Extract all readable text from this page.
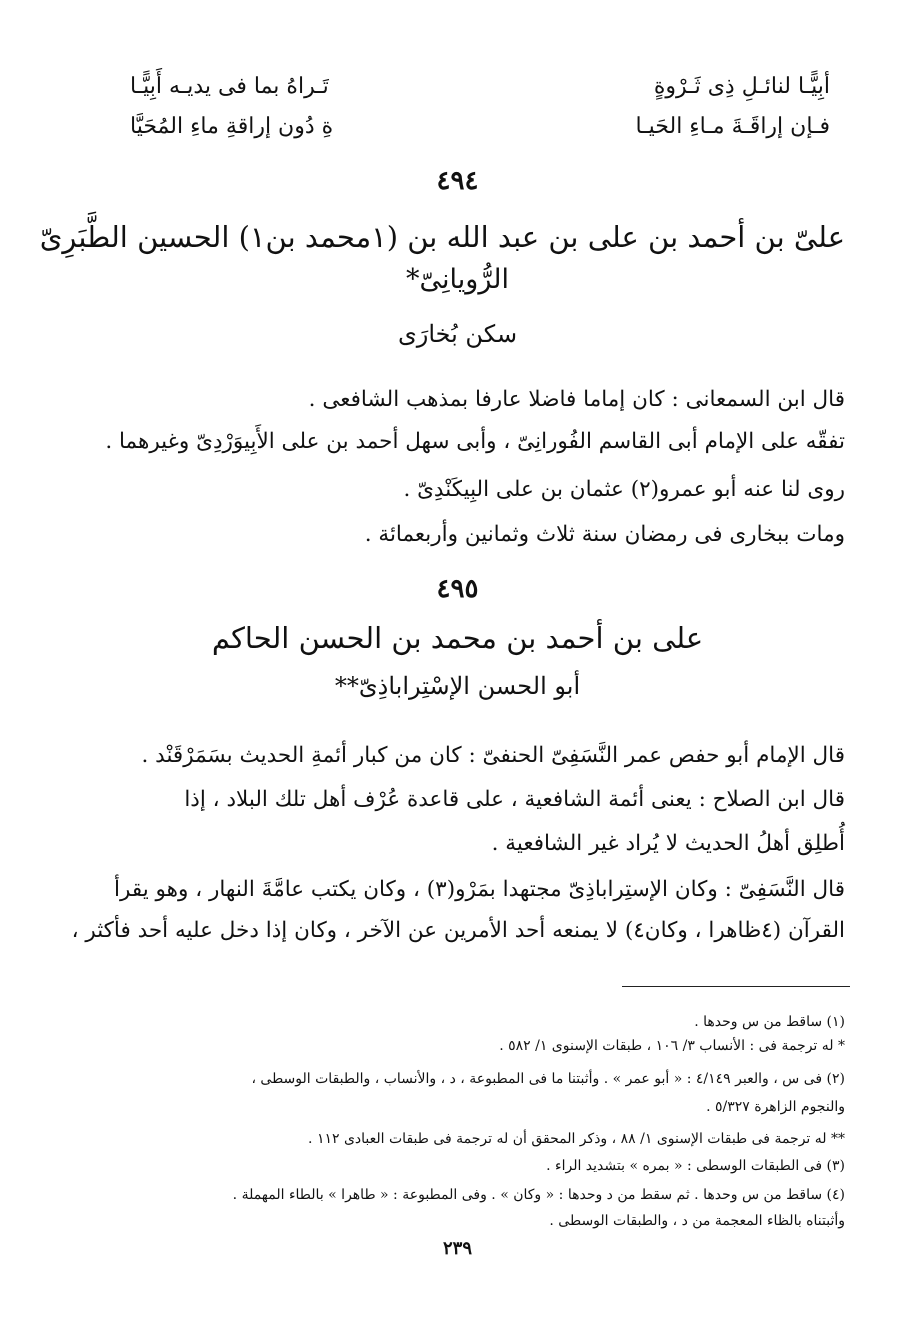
أبِيًّـا لنائـلِ ذِى ثَـرْوةٍ
تَـراهُ بما فى يديـه أَبِيًّـا
فـإن إراقَـةَ مـاءِ الحَيـا
ةِ دُون إراقةِ ماءِ المُحَيَّا
٤٩٤
علىّ بن أحمد بن على بن عبد الله بن (١محمد بن١) الحسين الطَّبَرِىّ
الرُّويانِىّ*
سكن بُخارَى
قال ابن السمعانى : كان إماما فاضلا عارفا بمذهب الشافعى .
تفقّه على الإمام أبى القاسم الفُورانِىّ ، وأبى سهل أحمد بن على الأَبِيوَرْدِىّ وغيرهما .
روى لنا عنه أبو عمرو(٢) عثمان بن على البِيكَنْدِىّ .
ومات ببخارى فى رمضان سنة ثلاث وثمانين وأربعمائة .
٤٩٥
على بن أحمد بن محمد بن الحسن الحاكم
أبو الحسن الإسْتِراباذِىّ**
قال الإمام أبو حفص عمر النَّسَفِىّ الحنفىّ : كان من كبار أئمةِ الحديث بسَمَرْقَنْد .
قال ابن الصلاح : يعنى أئمة الشافعية ، على قاعدة عُرْف أهل تلك البلاد ، إذا
أُطلِق أهلُ الحديث لا يُراد غير الشافعية .
قال النَّسَفِىّ : وكان الإستِراباذِىّ مجتهدا بمَرْو(٣) ، وكان يكتب عامَّةَ النهار ، وهو يقرأ
القرآن (٤ظاهرا ، وكان٤) لا يمنعه أحد الأمرين عن الآخر ، وكان إذا دخل عليه أحد فأكثر ،
(١) ساقط من س وحدها .
* له ترجمة فى : الأنساب ٣/ ١٠٦ ، طبقات الإسنوى ١/ ٥٨٢ .
(٢) فى س ، والعبر ٤/١٤٩ : « أبو عمر » . وأثبتنا ما فى المطبوعة ، د ، والأنساب ، والطبقات الوسطى ،
والنجوم الزاهرة ٥/٣٢٧ .
** له ترجمة فى طبقات الإسنوى ١/ ٨٨ ، وذكر المحقق أن له ترجمة فى طبقات العبادى ١١٢ .
(٣) فى الطبقات الوسطى : « بمره » بتشديد الراء .
(٤) ساقط من س وحدها . ثم سقط من د وحدها : « وكان » . وفى المطبوعة : « طاهرا » بالطاء المهملة .
وأثبتناه بالظاء المعجمة من د ، والطبقات الوسطى .
٢٣٩
